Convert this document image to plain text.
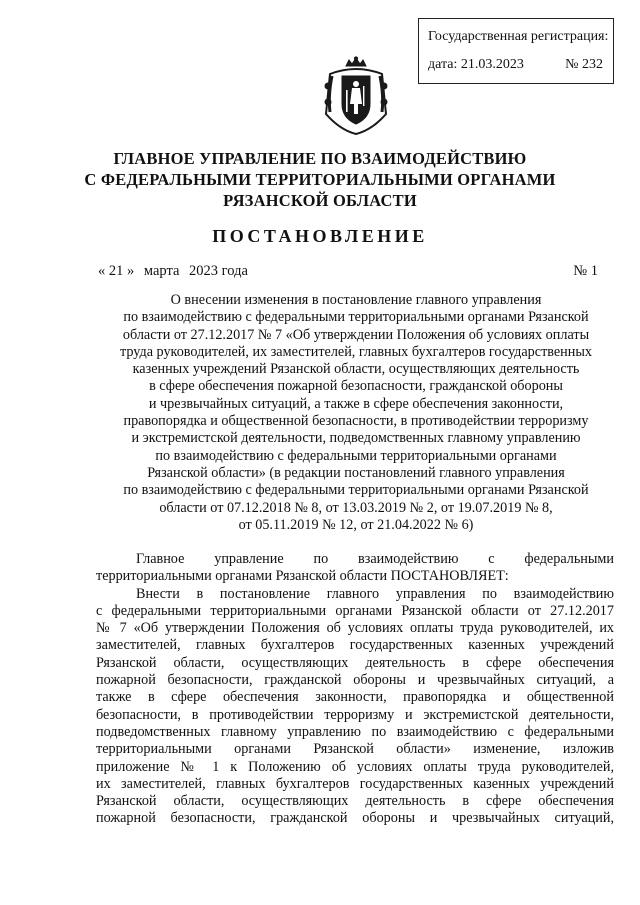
Государственная регистрация:
дата: 21.03.2023	№ 232
ГЛАВНОЕ УПРАВЛЕНИЕ ПО ВЗАИМОДЕЙСТВИЮ
С ФЕДЕРАЛЬНЫМИ ТЕРРИТОРИАЛЬНЫМИ ОРГАНАМИ
РЯЗАНСКОЙ ОБЛАСТИ
ПОСТАНОВЛЕНИЕ
« 21 » марта 2023 года	№ 1
О внесении изменения в постановление главного управления
по взаимодействию с федеральными территориальными органами Рязанской
области от 27.12.2017 № 7 «Об утверждении Положения об условиях оплаты
труда руководителей, их заместителей, главных бухгалтеров государственных
казенных учреждений Рязанской области, осуществляющих деятельность
в сфере обеспечения пожарной безопасности, гражданской обороны
и чрезвычайных ситуаций, а также в сфере обеспечения законности,
правопорядка и общественной безопасности, в противодействии терроризму
и экстремистской деятельности, подведомственных главному управлению
по взаимодействию с федеральными территориальными органами
Рязанской области» (в редакции постановлений главного управления
по взаимодействию с федеральными территориальными органами Рязанской
области от 07.12.2018 № 8, от 13.03.2019 № 2, от 19.07.2019 № 8,
от 05.11.2019 № 12, от 21.04.2022 № 6)
Главное управление по взаимодействию с федеральными
территориальными органами Рязанской области ПОСТАНОВЛЯЕТ:
Внести в постановление главного управления по взаимодействию
с федеральными территориальными органами Рязанской области от 27.12.2017
№ 7 «Об утверждении Положения об условиях оплаты труда руководителей, их
заместителей, главных бухгалтеров государственных казенных учреждений
Рязанской области, осуществляющих деятельность в сфере обеспечения
пожарной безопасности, гражданской обороны и чрезвычайных ситуаций, а
также в сфере обеспечения законности, правопорядка и общественной
безопасности, в противодействии терроризму и экстремистской деятельности,
подведомственных главному управлению по взаимодействию с федеральными
территориальными органами Рязанской области» изменение, изложив
приложение № 1 к Положению об условиях оплаты труда руководителей,
их заместителей, главных бухгалтеров государственных казенных учреждений
Рязанской области, осуществляющих деятельность в сфере обеспечения
пожарной безопасности, гражданской обороны и чрезвычайных ситуаций,
